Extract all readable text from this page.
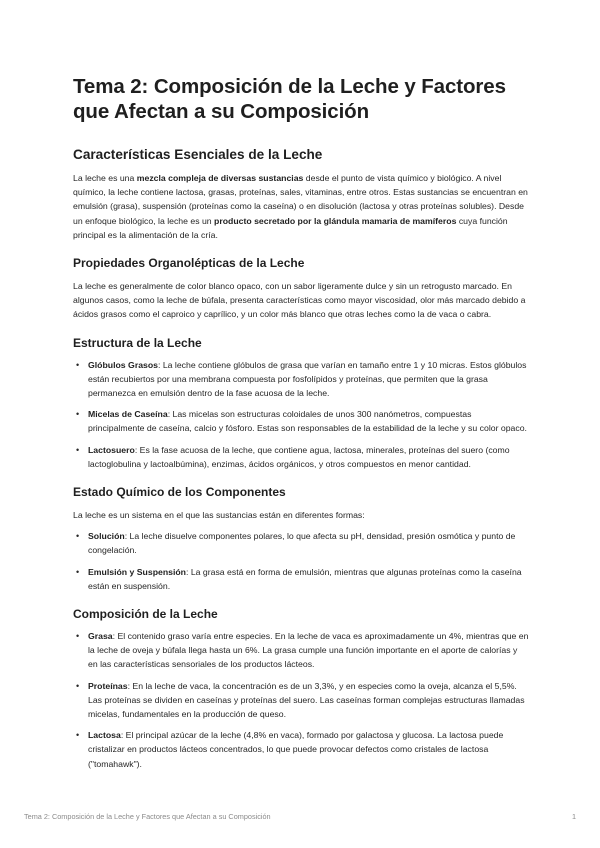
Tema 2: Composición de la Leche y Factores que Afectan a su Composición
Características Esenciales de la Leche

La leche es una mezcla compleja de diversas sustancias desde el punto de vista químico y biológico. A nivel químico, la leche contiene lactosa, grasas, proteínas, sales, vitaminas, entre otros. Estas sustancias se encuentran en emulsión (grasa), suspensión (proteínas como la caseína) o en disolución (lactosa y otras proteínas solubles). Desde un enfoque biológico, la leche es un producto secretado por la glándula mamaria de mamíferos cuya función principal es la alimentación de la cría.

Propiedades Organolépticas de la Leche

La leche es generalmente de color blanco opaco, con un sabor ligeramente dulce y sin un retrogusto marcado. En algunos casos, como la leche de búfala, presenta características como mayor viscosidad, olor más marcado debido a ácidos grasos como el caproico y caprílico, y un color más blanco que otras leches como la de vaca o cabra.

Estructura de la Leche
• Glóbulos Grasos: La leche contiene glóbulos de grasa que varían en tamaño entre 1 y 10 micras. Estos glóbulos están recubiertos por una membrana compuesta por fosfolípidos y proteínas, que permiten que la grasa permanezca en emulsión dentro de la fase acuosa de la leche.
• Micelas de Caseína: Las micelas son estructuras coloidales de unos 300 nanómetros, compuestas principalmente de caseína, calcio y fósforo. Estas son responsables de la estabilidad de la leche y su color opaco.
• Lactosuero: Es la fase acuosa de la leche, que contiene agua, lactosa, minerales, proteínas del suero (como lactoglobulina y lactoalbúmina), enzimas, ácidos orgánicos, y otros compuestos en menor cantidad.
Estado Químico de los Componentes

La leche es un sistema en el que las sustancias están en diferentes formas:

• Solución: La leche disuelve componentes polares, lo que afecta su pH, densidad, presión osmótica y punto de congelación.
• Emulsión y Suspensión: La grasa está en forma de emulsión, mientras que algunas proteínas como la caseína están en suspensión.
Composición de la Leche
• Grasa: El contenido graso varía entre especies. En la leche de vaca es aproximadamente un 4%, mientras que en la leche de oveja y búfala llega hasta un 6%. La grasa cumple una función importante en el aporte de calorías y en las características sensoriales de los productos lácteos.
• Proteínas: En la leche de vaca, la concentración es de un 3,3%, y en especies como la oveja, alcanza el 5,5%. Las proteínas se dividen en caseínas y proteínas del suero. Las caseínas forman complejas estructuras llamadas micelas, fundamentales en la producción de queso.
• Lactosa: El principal azúcar de la leche (4,8% en vaca), formado por galactosa y glucosa. La lactosa puede cristalizar en productos lácteos concentrados, lo que puede provocar defectos como cristales de lactosa ("tomahawk").
Tema 2: Composición de la Leche y Factores que Afectan a su Composición	1
